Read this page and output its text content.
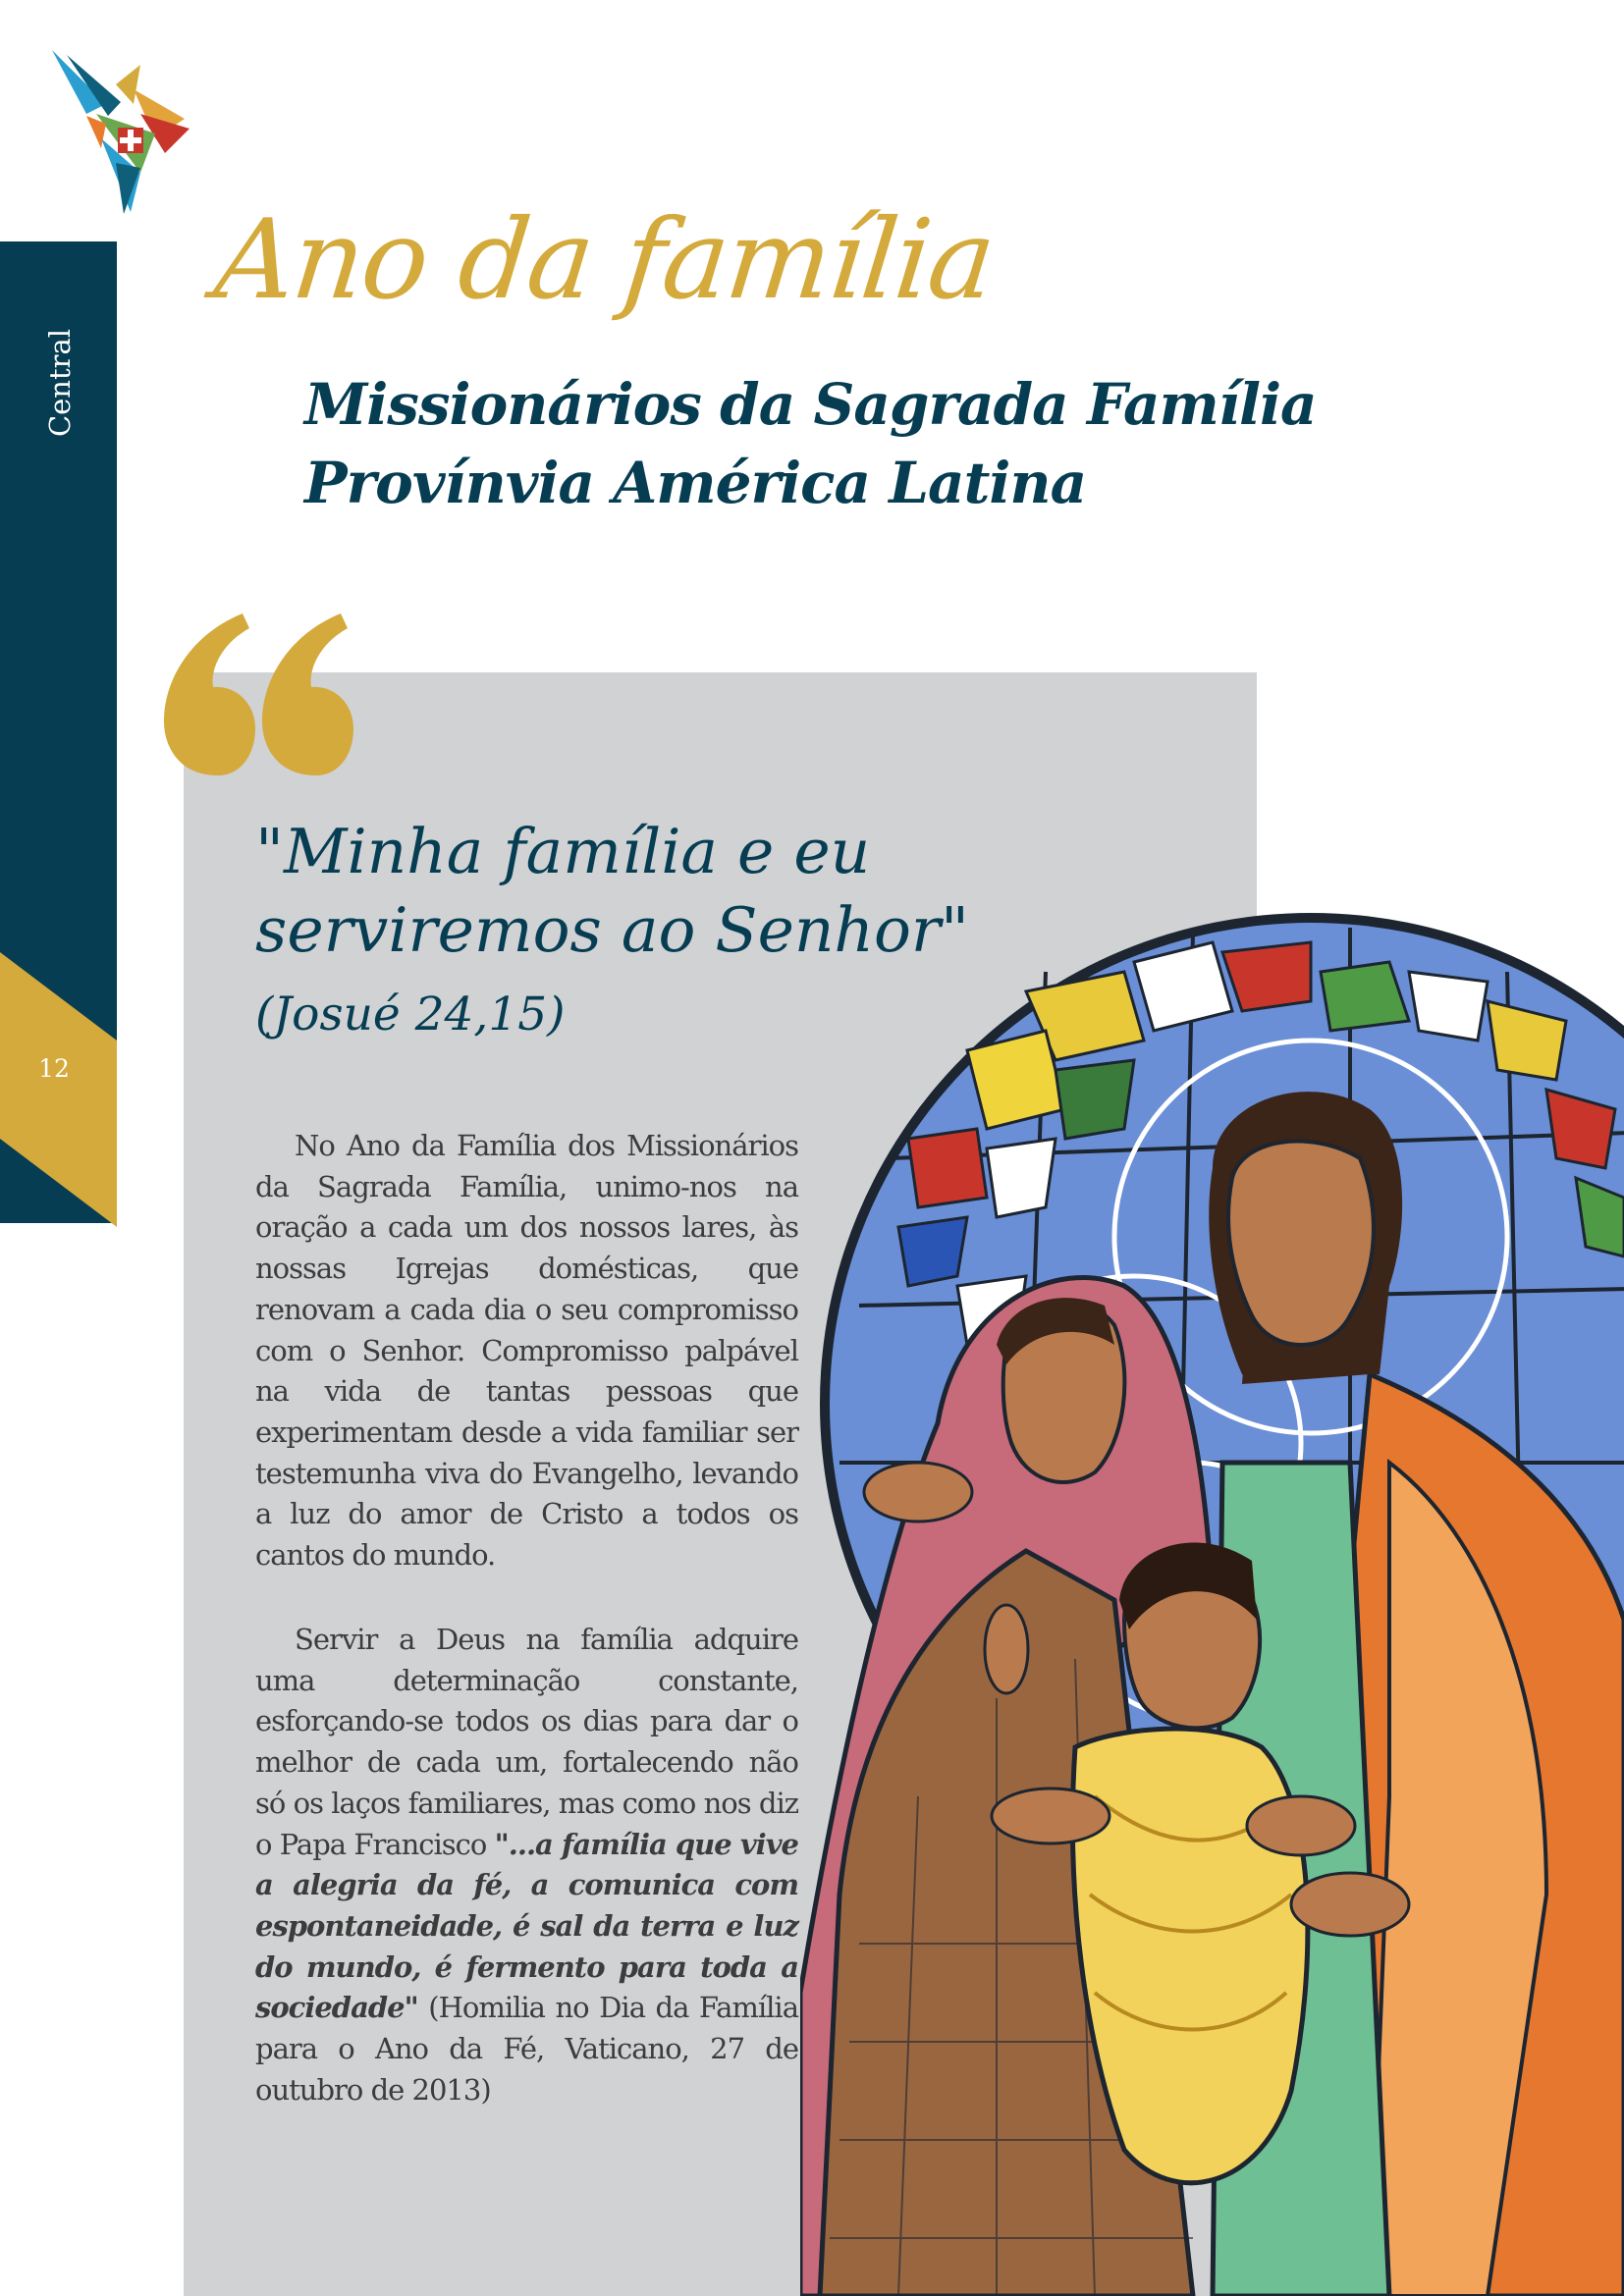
Central
12
Ano da família
Missionários da Sagrada Família
Provínvia América Latina
"Minha família e eu
serviremos ao Senhor"
(Josué 24,15)

No Ano da Família dos Missionários da Sagrada Família, unimo-nos na oração a cada um dos nossos lares, às nossas Igrejas domésticas, que renovam a cada dia o seu compromisso com o Senhor. Compromisso palpável na vida de tantas pessoas que experimentam desde a vida familiar ser testemunha viva do Evangelho, levando a luz do amor de Cristo a todos os cantos do mundo.

Servir a Deus na família adquire uma determinação constante, esforçando-se todos os dias para dar o melhor de cada um, fortalecendo não só os laços familiares, mas como nos diz o Papa Francisco "...a família que vive a alegria da fé, a comunica com espontaneidade, é sal da terra e luz do mundo, é fermento para toda a sociedade" (Homilia no Dia da Família para o Ano da Fé, Vaticano, 27 de outubro de 2013)
